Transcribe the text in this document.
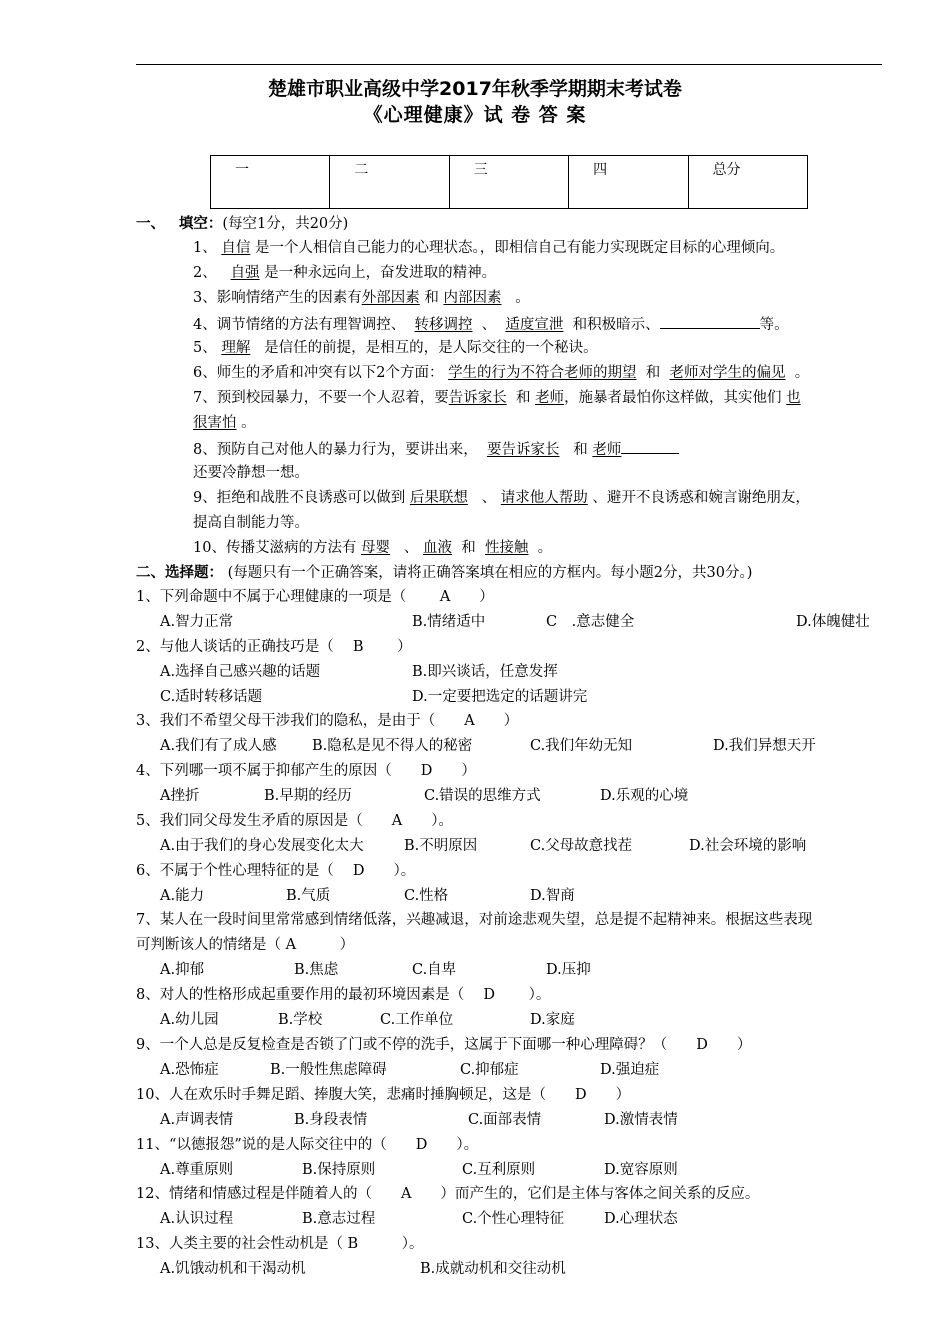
楚雄市职业高级中学2017年秋季学期期末考试卷
《心理健康》试 卷 答 案
一	二	三	四	总分
一、 填空：(每空1分，共20分)
1、 自信 是一个人相信自己能力的心理状态。，即相信自己有能力实现既定目标的心理倾向。
2、 自强 是一种永远向上，奋发进取的精神。
3、影响情绪产生的因素有外部因素 和 内部因素 。
4、调节情绪的方法有理智调控、 转移调控 、 适度宣泄 和积极暗示、	等。
5、 理解 是信任的前提，是相互的，是人际交往的一个秘诀。
6、师生的矛盾和冲突有以下2个方面： 学生的行为不符合老师的期望 和 老师对学生的偏见 。
7、预到校园暴力，不要一个人忍着，要告诉家长 和 老师，施暴者最怕你这样做，其实他们 也
很害怕 。
8、预防自己对他人的暴力行为，要讲出来， 要告诉家长 和 老师
还要冷静想一想。
9、拒绝和战胜不良诱惑可以做到 后果联想 、 请求他人帮助 、避开不良诱惑和婉言谢绝朋友，
提高自制能力等。
10、传播艾滋病的方法有 母婴 、 血液 和 性接触 。
二、选择题： (每题只有一个正确答案，请将正确答案填在相应的方框内。每小题2分，共30分。)
1、下列命题中不属于心理健康的一项是（　　 A　　）
A.智力正常	B.情绪适中	C　.意志健全	D.体魄健壮
2、与他人谈话的正确技巧是（　 B　　 ）
A.选择自己感兴趣的话题	B.即兴谈话，任意发挥
C.适时转移话题	D.一定要把选定的话题讲完
3、我们不希望父母干涉我们的隐私，是由于（　　A　　）
A.我们有了成人感 B.隐私是见不得人的秘密	C.我们年幼无知	D.我们异想天开
4、下列哪一项不属于抑郁产生的原因（　　D　　）
A挫折	B.早期的经历	C.错误的思维方式	D.乐观的心境
5、我们同父母发生矛盾的原因是（　　A　　）。
A.由于我们的身心发展变化太大	B.不明原因	C.父母故意找茬	D.社会环境的影响
6、不属于个性心理特征的是（　 D　　）。
A.能力	B.气质	C.性格	D.智商
7、某人在一段时间里常常感到情绪低落，兴趣减退，对前途悲观失望，总是提不起精神来。根据这些表现
可判断该人的情绪是（ A　　　）
A.抑郁	B.焦虑	C.自卑	D.压抑
8、对人的性格形成起重要作用的最初环境因素是（　 D　　 ）。
A.幼儿园	B.学校	C.工作单位	D.家庭
9、一个人总是反复检查是否锁了门或不停的洗手，这属于下面哪一种心理障碍？（　　D　　）
A.恐怖症	B.一般性焦虑障碍	C.抑郁症	D.强迫症
10、人在欢乐时手舞足蹈、捧腹大笑，悲痛时捶胸顿足，这是（　　D　　）
A.声调表情	B.身段表情	C.面部表情	D.激情表情
11、“以德报怨”说的是人际交往中的（　　D　　）。
A.尊重原则	B.保持原则	C.互利原则	D.宽容原则
12、情绪和情感过程是伴随着人的（　　A　　）而产生的，它们是主体与客体之间关系的反应。
A.认识过程	B.意志过程	C.个性心理特征	D.心理状态
13、人类主要的社会性动机是（ B　　　）。
A.饥饿动机和干渴动机	B.成就动机和交往动机
